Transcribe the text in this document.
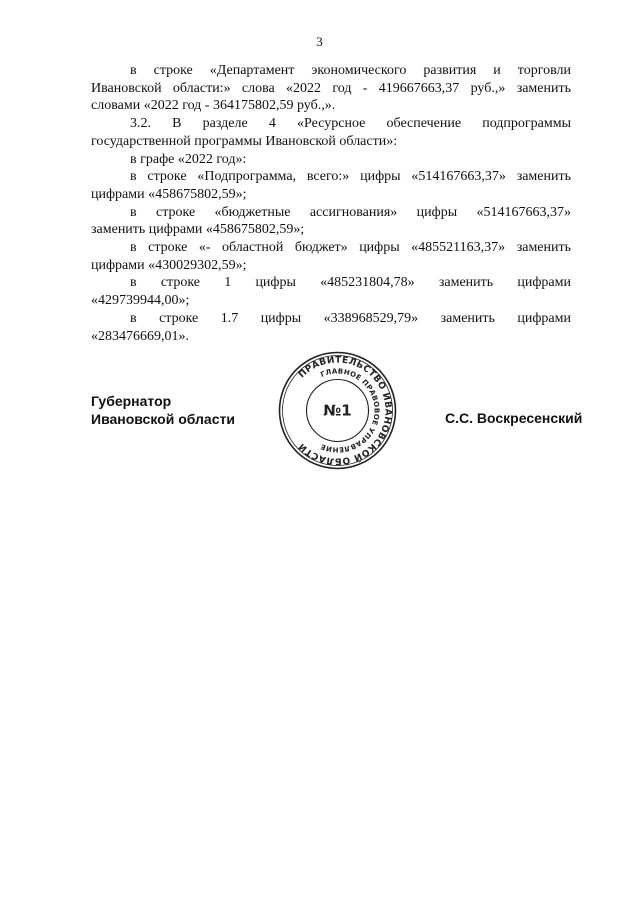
3
в строке «Департамент экономического развития и торговли
Ивановской области:» слова «2022 год - 419667663,37 руб.,» заменить
словами «2022 год - 364175802,59 руб.,».
3.2. В разделе 4 «Ресурсное обеспечение подпрограммы
государственной программы Ивановской области»:
в графе «2022 год»:
в строке «Подпрограмма, всего:» цифры «514167663,37» заменить
цифрами «458675802,59»;
в строке «бюджетные ассигнования» цифры «514167663,37»
заменить цифрами «458675802,59»;
в строке «- областной бюджет» цифры «485521163,37» заменить
цифрами «430029302,59»;
в строке 1 цифры «485231804,78» заменить цифрами
«429739944,00»;
в строке 1.7 цифры «338968529,79» заменить цифрами
«283476669,01».
Губернатор
Ивановской области	С.С. Воскресенский
ПРАВИТЕЛЬСТВО ИВАНОВСКОЙ ОБЛАСТИ
ГЛАВНОЕ ПРАВОВОЕ УПРАВЛЕНИЕ
№1
